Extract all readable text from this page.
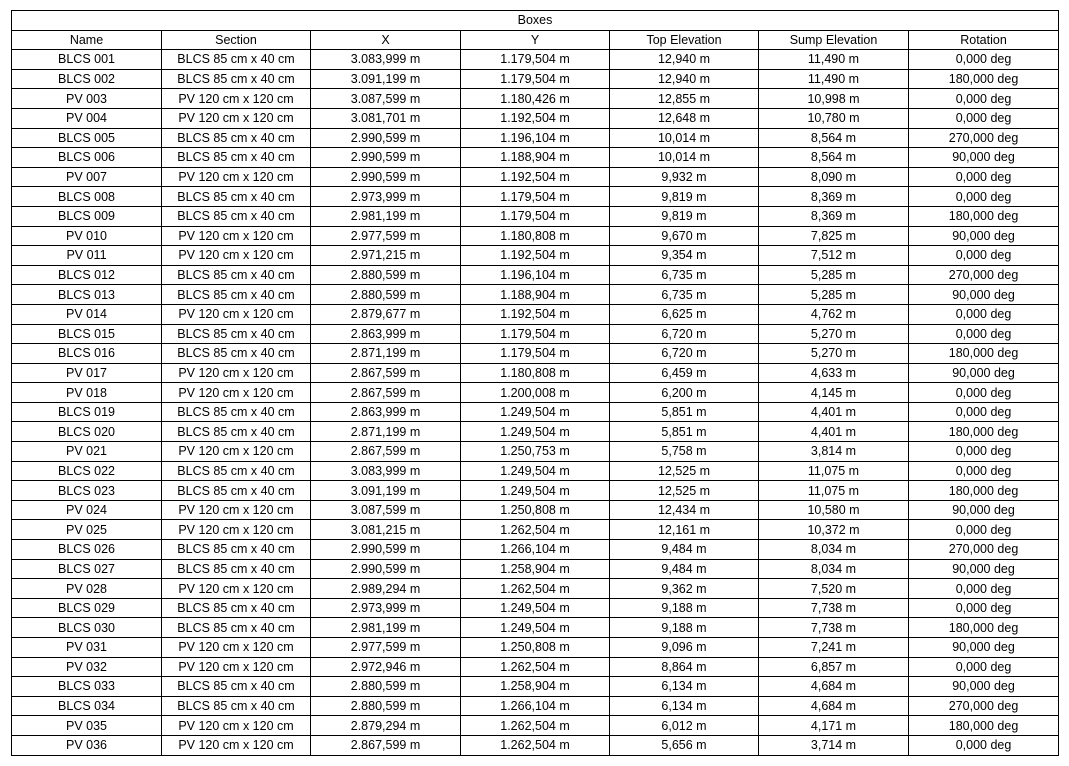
Boxes						
Name	Section	X	Y	Top Elevation	Sump Elevation	Rotation
BLCS 001	BLCS 85 cm x 40 cm	3.083,999 m	1.179,504 m	12,940 m	11,490 m	0,000 deg
BLCS 002	BLCS 85 cm x 40 cm	3.091,199 m	1.179,504 m	12,940 m	11,490 m	180,000 deg
PV 003	PV 120 cm x 120 cm	3.087,599 m	1.180,426 m	12,855 m	10,998 m	0,000 deg
PV 004	PV 120 cm x 120 cm	3.081,701 m	1.192,504 m	12,648 m	10,780 m	0,000 deg
BLCS 005	BLCS 85 cm x 40 cm	2.990,599 m	1.196,104 m	10,014 m	8,564 m	270,000 deg
BLCS 006	BLCS 85 cm x 40 cm	2.990,599 m	1.188,904 m	10,014 m	8,564 m	90,000 deg
PV 007	PV 120 cm x 120 cm	2.990,599 m	1.192,504 m	9,932 m	8,090 m	0,000 deg
BLCS 008	BLCS 85 cm x 40 cm	2.973,999 m	1.179,504 m	9,819 m	8,369 m	0,000 deg
BLCS 009	BLCS 85 cm x 40 cm	2.981,199 m	1.179,504 m	9,819 m	8,369 m	180,000 deg
PV 010	PV 120 cm x 120 cm	2.977,599 m	1.180,808 m	9,670 m	7,825 m	90,000 deg
PV 011	PV 120 cm x 120 cm	2.971,215 m	1.192,504 m	9,354 m	7,512 m	0,000 deg
BLCS 012	BLCS 85 cm x 40 cm	2.880,599 m	1.196,104 m	6,735 m	5,285 m	270,000 deg
BLCS 013	BLCS 85 cm x 40 cm	2.880,599 m	1.188,904 m	6,735 m	5,285 m	90,000 deg
PV 014	PV 120 cm x 120 cm	2.879,677 m	1.192,504 m	6,625 m	4,762 m	0,000 deg
BLCS 015	BLCS 85 cm x 40 cm	2.863,999 m	1.179,504 m	6,720 m	5,270 m	0,000 deg
BLCS 016	BLCS 85 cm x 40 cm	2.871,199 m	1.179,504 m	6,720 m	5,270 m	180,000 deg
PV 017	PV 120 cm x 120 cm	2.867,599 m	1.180,808 m	6,459 m	4,633 m	90,000 deg
PV 018	PV 120 cm x 120 cm	2.867,599 m	1.200,008 m	6,200 m	4,145 m	0,000 deg
BLCS 019	BLCS 85 cm x 40 cm	2.863,999 m	1.249,504 m	5,851 m	4,401 m	0,000 deg
BLCS 020	BLCS 85 cm x 40 cm	2.871,199 m	1.249,504 m	5,851 m	4,401 m	180,000 deg
PV 021	PV 120 cm x 120 cm	2.867,599 m	1.250,753 m	5,758 m	3,814 m	0,000 deg
BLCS 022	BLCS 85 cm x 40 cm	3.083,999 m	1.249,504 m	12,525 m	11,075 m	0,000 deg
BLCS 023	BLCS 85 cm x 40 cm	3.091,199 m	1.249,504 m	12,525 m	11,075 m	180,000 deg
PV 024	PV 120 cm x 120 cm	3.087,599 m	1.250,808 m	12,434 m	10,580 m	90,000 deg
PV 025	PV 120 cm x 120 cm	3.081,215 m	1.262,504 m	12,161 m	10,372 m	0,000 deg
BLCS 026	BLCS 85 cm x 40 cm	2.990,599 m	1.266,104 m	9,484 m	8,034 m	270,000 deg
BLCS 027	BLCS 85 cm x 40 cm	2.990,599 m	1.258,904 m	9,484 m	8,034 m	90,000 deg
PV 028	PV 120 cm x 120 cm	2.989,294 m	1.262,504 m	9,362 m	7,520 m	0,000 deg
BLCS 029	BLCS 85 cm x 40 cm	2.973,999 m	1.249,504 m	9,188 m	7,738 m	0,000 deg
BLCS 030	BLCS 85 cm x 40 cm	2.981,199 m	1.249,504 m	9,188 m	7,738 m	180,000 deg
PV 031	PV 120 cm x 120 cm	2.977,599 m	1.250,808 m	9,096 m	7,241 m	90,000 deg
PV 032	PV 120 cm x 120 cm	2.972,946 m	1.262,504 m	8,864 m	6,857 m	0,000 deg
BLCS 033	BLCS 85 cm x 40 cm	2.880,599 m	1.258,904 m	6,134 m	4,684 m	90,000 deg
BLCS 034	BLCS 85 cm x 40 cm	2.880,599 m	1.266,104 m	6,134 m	4,684 m	270,000 deg
PV 035	PV 120 cm x 120 cm	2.879,294 m	1.262,504 m	6,012 m	4,171 m	180,000 deg
PV 036	PV 120 cm x 120 cm	2.867,599 m	1.262,504 m	5,656 m	3,714 m	0,000 deg
